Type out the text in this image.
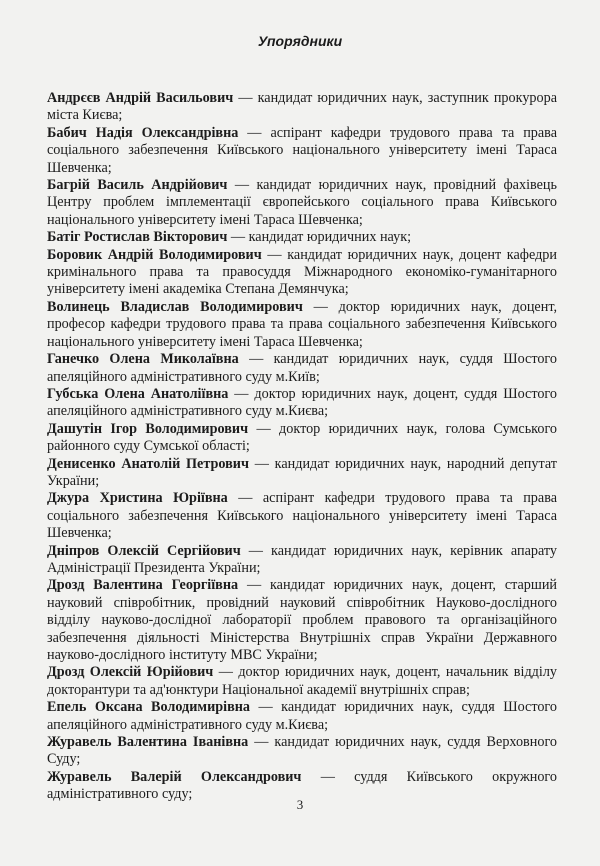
Упорядники

Андрєєв Андрій Васильович — кандидат юридичних наук, заступник прокурора міста Києва;

Бабич Надія Олександрівна — аспірант кафедри трудового права та права соціального забезпечення Київського національного університету імені Тараса Шевченка;

Багрій Василь Андрійович — кандидат юридичних наук, провідний фахівець Центру проблем імплементації європейського соціального права Київського національного університету імені Тараса Шевченка;

Батіг Ростислав Вікторович — кандидат юридичних наук;

Боровик Андрій Володимирович — кандидат юридичних наук, доцент кафедри кримінального права та правосуддя Міжнародного економіко-гуманітарного університету імені академіка Степана Демянчука;

Волинець Владислав Володимирович — доктор юридичних наук, доцент, професор кафедри трудового права та права соціального забезпечення Київського національного університету імені Тараса Шевченка;

Ганечко Олена Миколаївна — кандидат юридичних наук, суддя Шостого апеляційного адміністративного суду м.Київ;

Губська Олена Анатоліївна — доктор юридичних наук, доцент, суддя Шостого апеляційного адміністративного суду м.Києва;

Дашутін Ігор Володимирович — доктор юридичних наук, голова Сумського районного суду Сумської області;

Денисенко Анатолій Петрович — кандидат юридичних наук, народний депутат України;

Джура Христина Юріївна — аспірант кафедри трудового права та права соціального забезпечення Київського національного університету імені Тараса Шевченка;

Дніпров Олексій Сергійович — кандидат юридичних наук, керівник апарату Адміністрації Президента України;

Дрозд Валентина Георгіївна — кандидат юридичних наук, доцент, старший науковий співробітник, провідний науковий співробітник Науково-дослідного відділу науково-дослідної лабораторії проблем правового та організаційного забезпечення діяльності Міністерства Внутрішніх справ України Державного науково-дослідного інституту МВС України;

Дрозд Олексій Юрійович — доктор юридичних наук, доцент, начальник відділу докторантури та ад'юнктури Національної академії внутрішніх справ;

Епель Оксана Володимирівна — кандидат юридичних наук, суддя Шостого апеляційного адміністративного суду м.Києва;

Журавель Валентина Іванівна — кандидат юридичних наук, суддя Верховного Суду;

Журавель Валерій Олександрович — суддя Київського окружного адміністративного суду;

3
